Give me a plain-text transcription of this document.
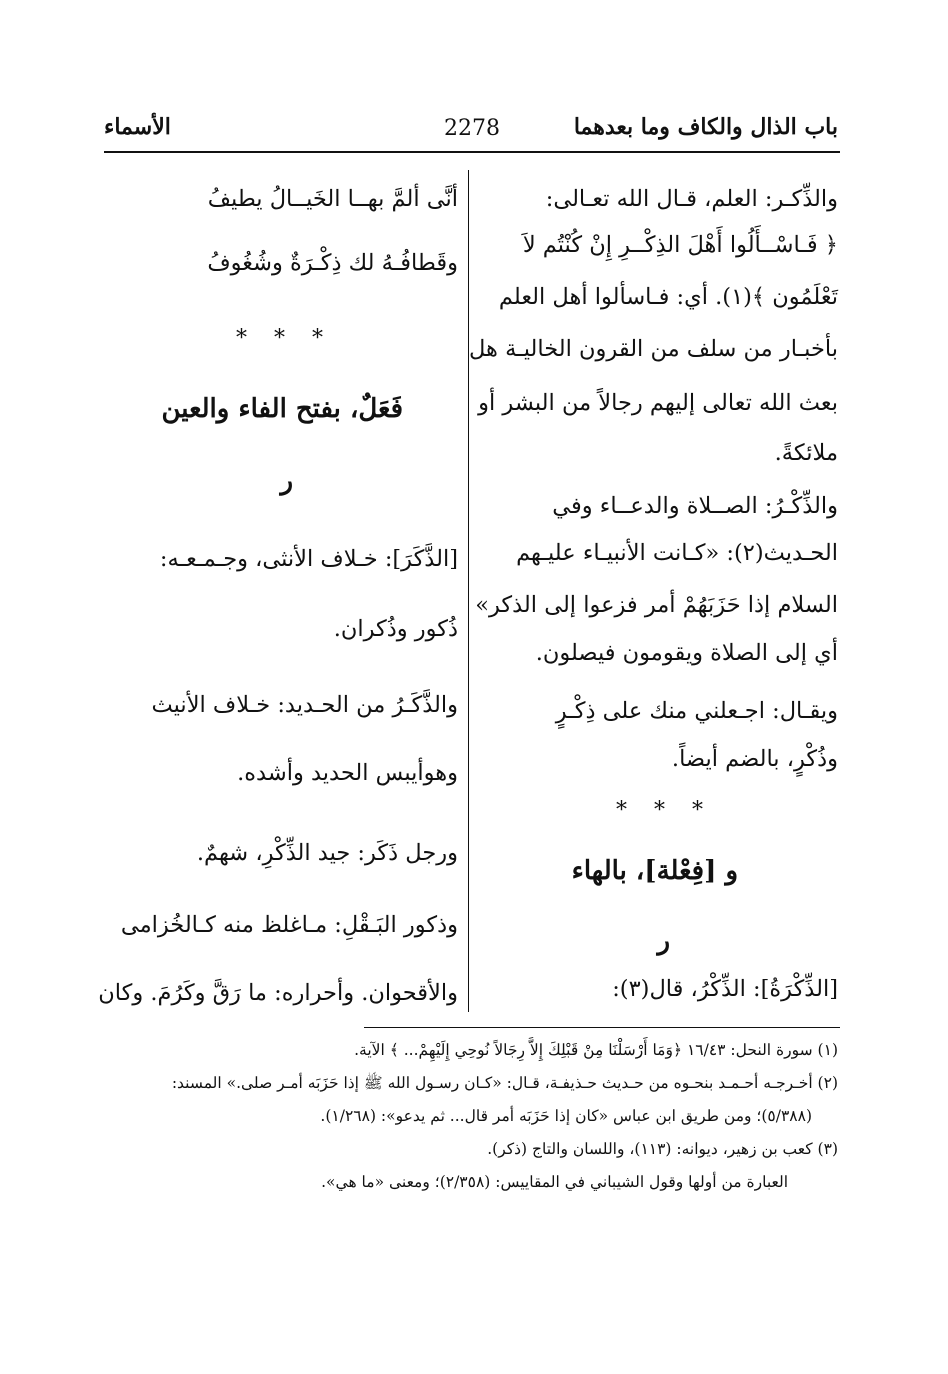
باب الذال والكاف وما بعدهما
2278
الأسماء
والذِّكـر: العلم، قـال الله تعـالى:
﴿ فَـاسْــأَلُوا أَهْلَ الذِكْــرِ إِنْ كُنْتُم لاَ
تَعْلَمُون ﴾(١). أي: فـاسألوا أهل العلم
بأخبـار من سلف من القرون الخاليـة هل
بعث الله تعالى إليهم رجالاً من البشر أو
ملائكةً.
والذِّكْـرُ: الصــلاة والدعــاء وفي
الحـديث(٢): «كـانت الأنبيـاء عليـهم
السلام إذا حَزَبَهُمْ أمر فزعوا إلى الذكر»
أي إلى الصلاة ويقومون فيصلون.
ويقـال: اجـعلني منك على ذِكْـرٍ
وذُكْرٍ، بالضم أيضاً.
* * *
و [فِعْلة]، بالهاء
ر
[الذِّكْرَةُ]: الذِّكْرُ، قال(٣):
أنَّى ألمَّ بهــا الخَيــالُ يطيفُ
وقَطافُـهُ لك ذِكْـرَةٌ وشُغُوفُ
* * *
فَعَلٌ، بفتح الفاء والعين
ر
[الذَّكَرَ]: خـلاف الأنثى، وجـمـعـه:
ذُكور وذُكران.
والذَّكَـرُ من الحـديد: خـلاف الأنيث
وهوأيبس الحديد وأشده.
ورجل ذَكَر: جيد الذِّكْرِ، شهمٌ.
وذكور البَـقْلِ: مـاغلظ منه كـالخُزامى
والأقحوان. وأحراره: ما رَقَّ وكَرُمَ. وكان
(١) سورة النحل: ١٦/٤٣ ﴿وَمَا أَرْسَلْنَا مِنْ قَبْلِكَ إِلاَّ رِجَالاً نُوحِي إِلَيْهِمْ... ﴾ الآية.
(٢) أخـرجـه أحـمـد بنحـوه من حـديث حـذيفـة، قـال: «كـان رسـول الله ﷺ إذا حَزَبَه أمـر صلى.» المسند:
(٥/٣٨٨)؛ ومن طريق ابن عباس «كان إذا حَزَبَه أمر قال... ثم يدعو»: (١/٢٦٨).
(٣) كعب بن زهير، ديوانه: (١١٣)، واللسان والتاج (ذكر).
العبارة من أولها وقول الشيباني في المقاييس: (٢/٣٥٨)؛ ومعنى «ما هي».
